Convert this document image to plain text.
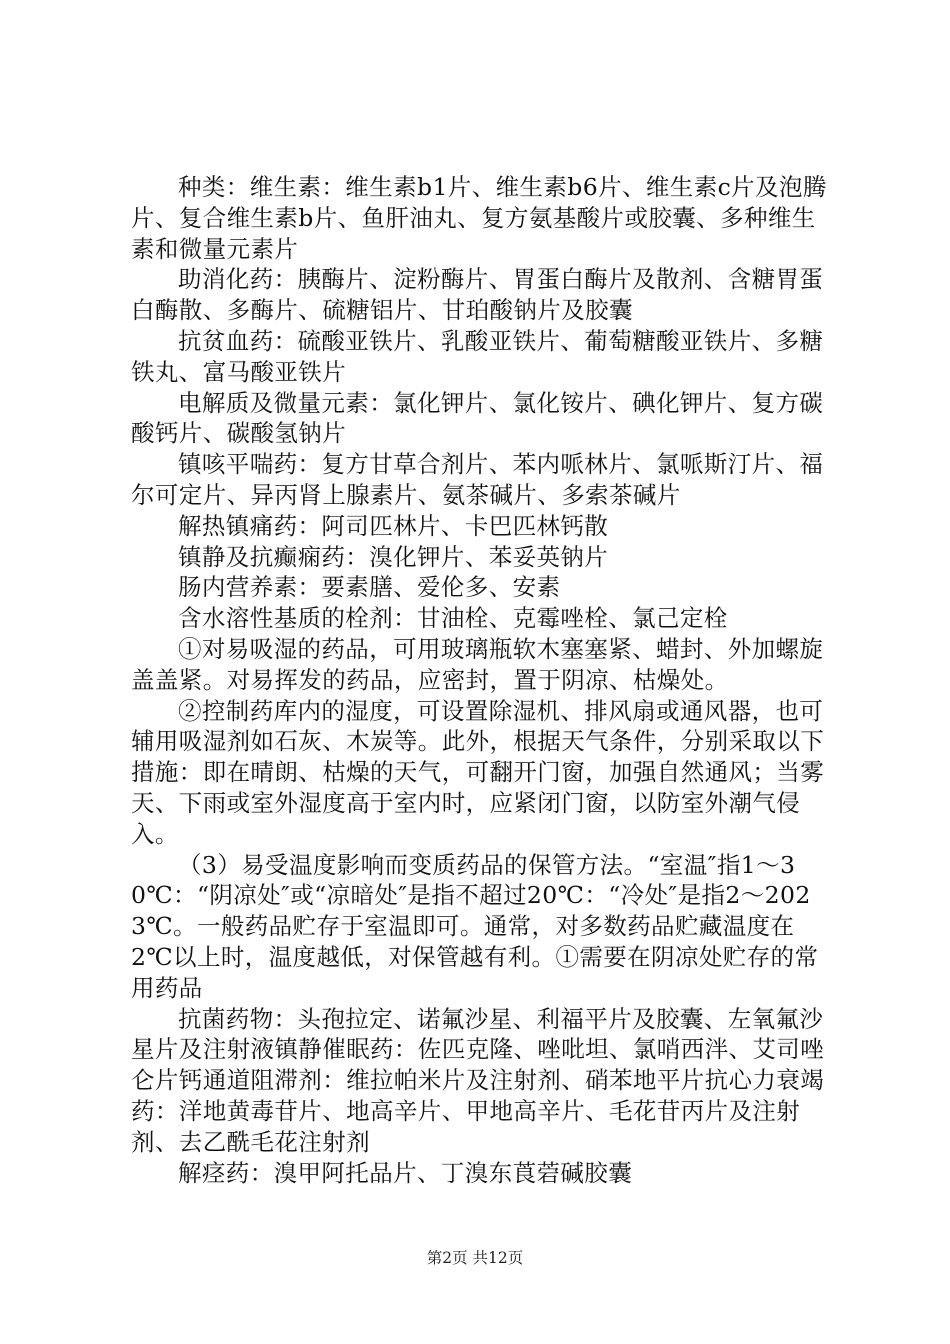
种类：维生素：维生素b1片、维生素b6片、维生素c片及泡腾片、复合维生素b片、鱼肝油丸、复方氨基酸片或胶囊、多种维生素和微量元素片

助消化药：胰酶片、淀粉酶片、胃蛋白酶片及散剂、含糖胃蛋白酶散、多酶片、硫糖铝片、甘珀酸钠片及胶囊

抗贫血药：硫酸亚铁片、乳酸亚铁片、葡萄糖酸亚铁片、多糖铁丸、富马酸亚铁片

电解质及微量元素：氯化钾片、氯化铵片、碘化钾片、复方碳酸钙片、碳酸氢钠片

镇咳平喘药：复方甘草合剂片、苯内哌林片、氯哌斯汀片、福尔可定片、异丙肾上腺素片、氨茶碱片、多索茶碱片

解热镇痛药：阿司匹林片、卡巴匹林钙散

镇静及抗癫痫药：溴化钾片、苯妥英钠片

肠内营养素：要素膳、爱伦多、安素

含水溶性基质的栓剂：甘油栓、克霉唑栓、氯己定栓

①对易吸湿的药品，可用玻璃瓶软木塞塞紧、蜡封、外加螺旋盖盖紧。对易挥发的药品，应密封，置于阴凉、枯燥处。

②控制药库内的湿度，可设置除湿机、排风扇或通风器，也可辅用吸湿剂如石灰、木炭等。此外，根据天气条件，分别采取以下措施：即在晴朗、枯燥的天气，可翻开门窗，加强自然通风；当雾天、下雨或室外湿度高于室内时，应紧闭门窗，以防室外潮气侵入。

（3）易受温度影响而变质药品的保管方法。“室温″指1～30℃：“阴凉处″或“凉暗处″是指不超过20℃：“冷处″是指2～2023℃。一般药品贮存于室温即可。通常，对多数药品贮藏温度在2℃以上时，温度越低，对保管越有利。①需要在阴凉处贮存的常用药品

抗菌药物：头孢拉定、诺氟沙星、利福平片及胶囊、左氧氟沙星片及注射液镇静催眠药：佐匹克隆、唑吡坦、氯哨西泮、艾司唑仑片钙通道阻滞剂：维拉帕米片及注射剂、硝苯地平片抗心力衰竭药：洋地黄毒苷片、地高辛片、甲地高辛片、毛花苷丙片及注射剂、去乙酰毛花注射剂

解痉药：溴甲阿托品片、丁溴东莨菪碱胶囊

第2页 共12页
